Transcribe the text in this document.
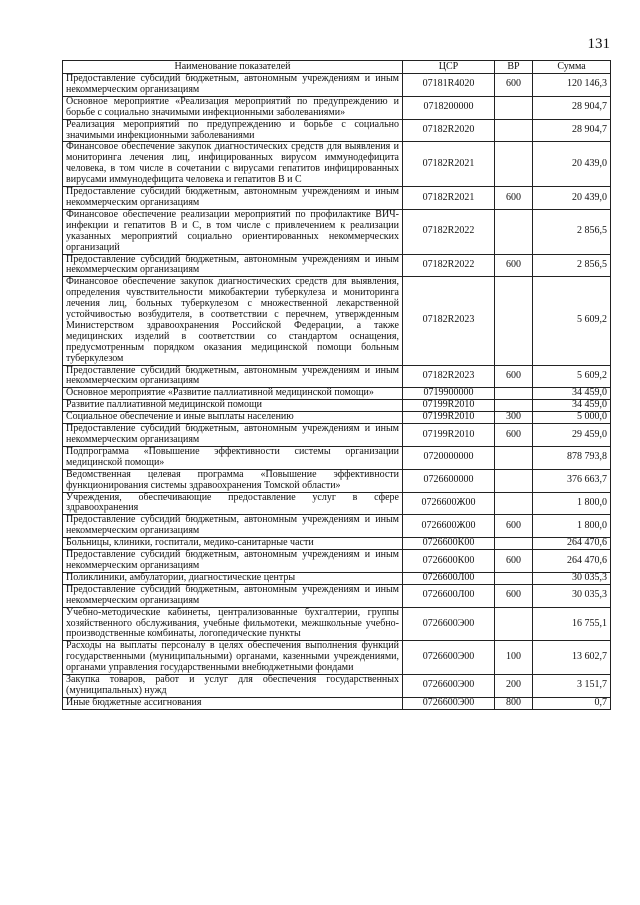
131
Наименование показателей	ЦСР	ВР	Сумма
Предоставление субсидий бюджетным, автономным учреждениям и иным некоммерческим организациям	07181R4020	600	120 146,3
Основное мероприятие «Реализация мероприятий по предупреждению и борьбе с социально значимыми инфекционными заболеваниями»	0718200000		28 904,7
Реализация мероприятий по предупреждению и борьбе с социально значимыми инфекционными заболеваниями	07182R2020		28 904,7
Финансовое обеспечение закупок диагностических средств для выявления и мониторинга лечения лиц, инфицированных вирусом иммунодефицита человека, в том числе в сочетании с вирусами гепатитов инфицированных вирусами иммунодефицита человека и гепатитов В и С	07182R2021		20 439,0
Предоставление субсидий бюджетным, автономным учреждениям и иным некоммерческим организациям	07182R2021	600	20 439,0
Финансовое обеспечение реализации мероприятий по профилактике ВИЧ-инфекции и гепатитов В и С, в том числе с привлечением к реализации указанных мероприятий социально ориентированных некоммерческих организаций	07182R2022		2 856,5
Предоставление субсидий бюджетным, автономным учреждениям и иным некоммерческим организациям	07182R2022	600	2 856,5
Финансовое обеспечение закупок диагностических средств для выявления, определения чувствительности микобактерии туберкулеза и мониторинга лечения лиц, больных туберкулезом с множественной лекарственной устойчивостью возбудителя, в соответствии с перечнем, утвержденным Министерством здравоохранения Российской Федерации, а также медицинских изделий в соответствии со стандартом оснащения, предусмотренным порядком оказания медицинской помощи больным туберкулезом	07182R2023		5 609,2
Предоставление субсидий бюджетным, автономным учреждениям и иным некоммерческим организациям	07182R2023	600	5 609,2
Основное мероприятие «Развитие паллиативной медицинской помощи»	0719900000		34 459,0
Развитие паллиативной медицинской помощи	07199R2010		34 459,0
Социальное обеспечение и иные выплаты населению	07199R2010	300	5 000,0
Предоставление субсидий бюджетным, автономным учреждениям и иным некоммерческим организациям	07199R2010	600	29 459,0
Подпрограмма «Повышение эффективности системы организации медицинской помощи»	0720000000		878 793,8
Ведомственная целевая программа «Повышение эффективности функционирования системы здравоохранения Томской области»	0726600000		376 663,7
Учреждения, обеспечивающие предоставление услуг в сфере здравоохранения	0726600Ж00		1 800,0
Предоставление субсидий бюджетным, автономным учреждениям и иным некоммерческим организациям	0726600Ж00	600	1 800,0
Больницы, клиники, госпитали, медико-санитарные части	0726600К00		264 470,6
Предоставление субсидий бюджетным, автономным учреждениям и иным некоммерческим организациям	0726600К00	600	264 470,6
Поликлиники, амбулатории, диагностические центры	0726600Л00		30 035,3
Предоставление субсидий бюджетным, автономным учреждениям и иным некоммерческим организациям	0726600Л00	600	30 035,3
Учебно-методические кабинеты, централизованные бухгалтерии, группы хозяйственного обслуживания, учебные фильмотеки, межшкольные учебно-производственные комбинаты, логопедические пункты	0726600Э00		16 755,1
Расходы на выплаты персоналу в целях обеспечения выполнения функций государственными (муниципальными) органами, казенными учреждениями, органами управления государственными внебюджетными фондами	0726600Э00	100	13 602,7
Закупка товаров, работ и услуг для обеспечения государственных (муниципальных) нужд	0726600Э00	200	3 151,7
Иные бюджетные ассигнования	0726600Э00	800	0,7
